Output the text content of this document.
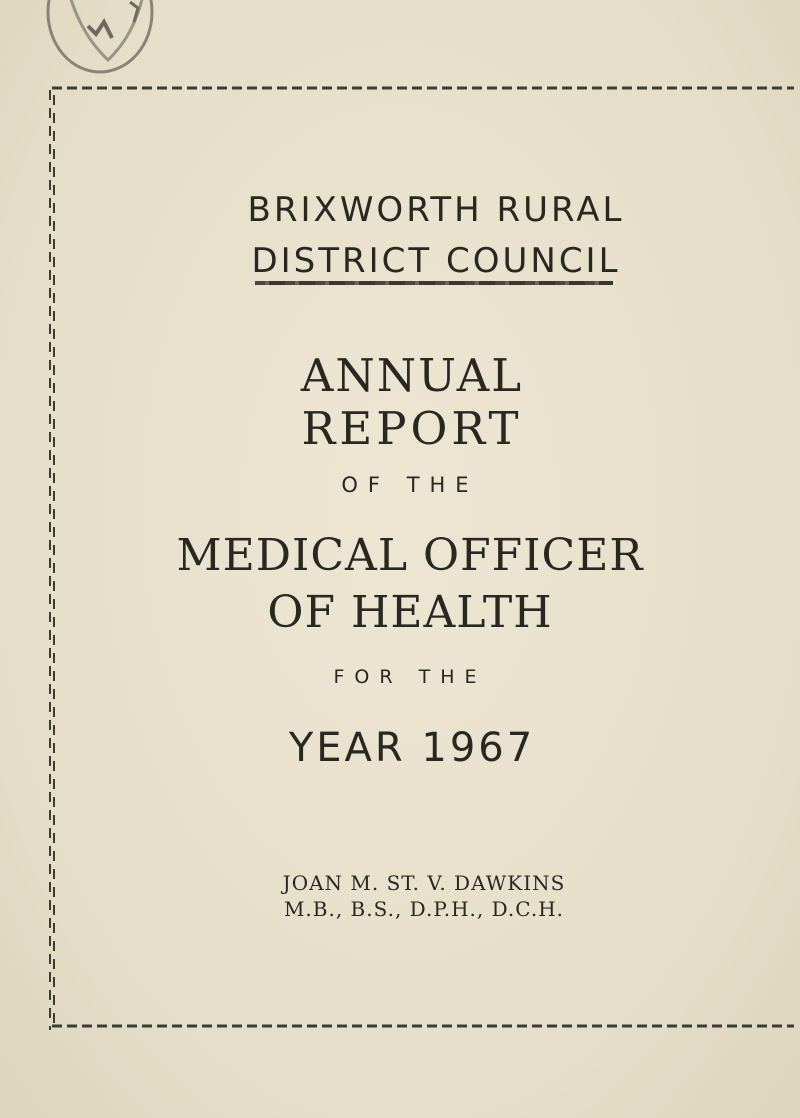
BRIXWORTH RURAL
DISTRICT COUNCIL
ANNUAL
REPORT
OF THE
MEDICAL OFFICER
OF HEALTH
FOR THE
YEAR 1967
JOAN M. ST. V. DAWKINS
M.B., B.S., D.P.H., D.C.H.
